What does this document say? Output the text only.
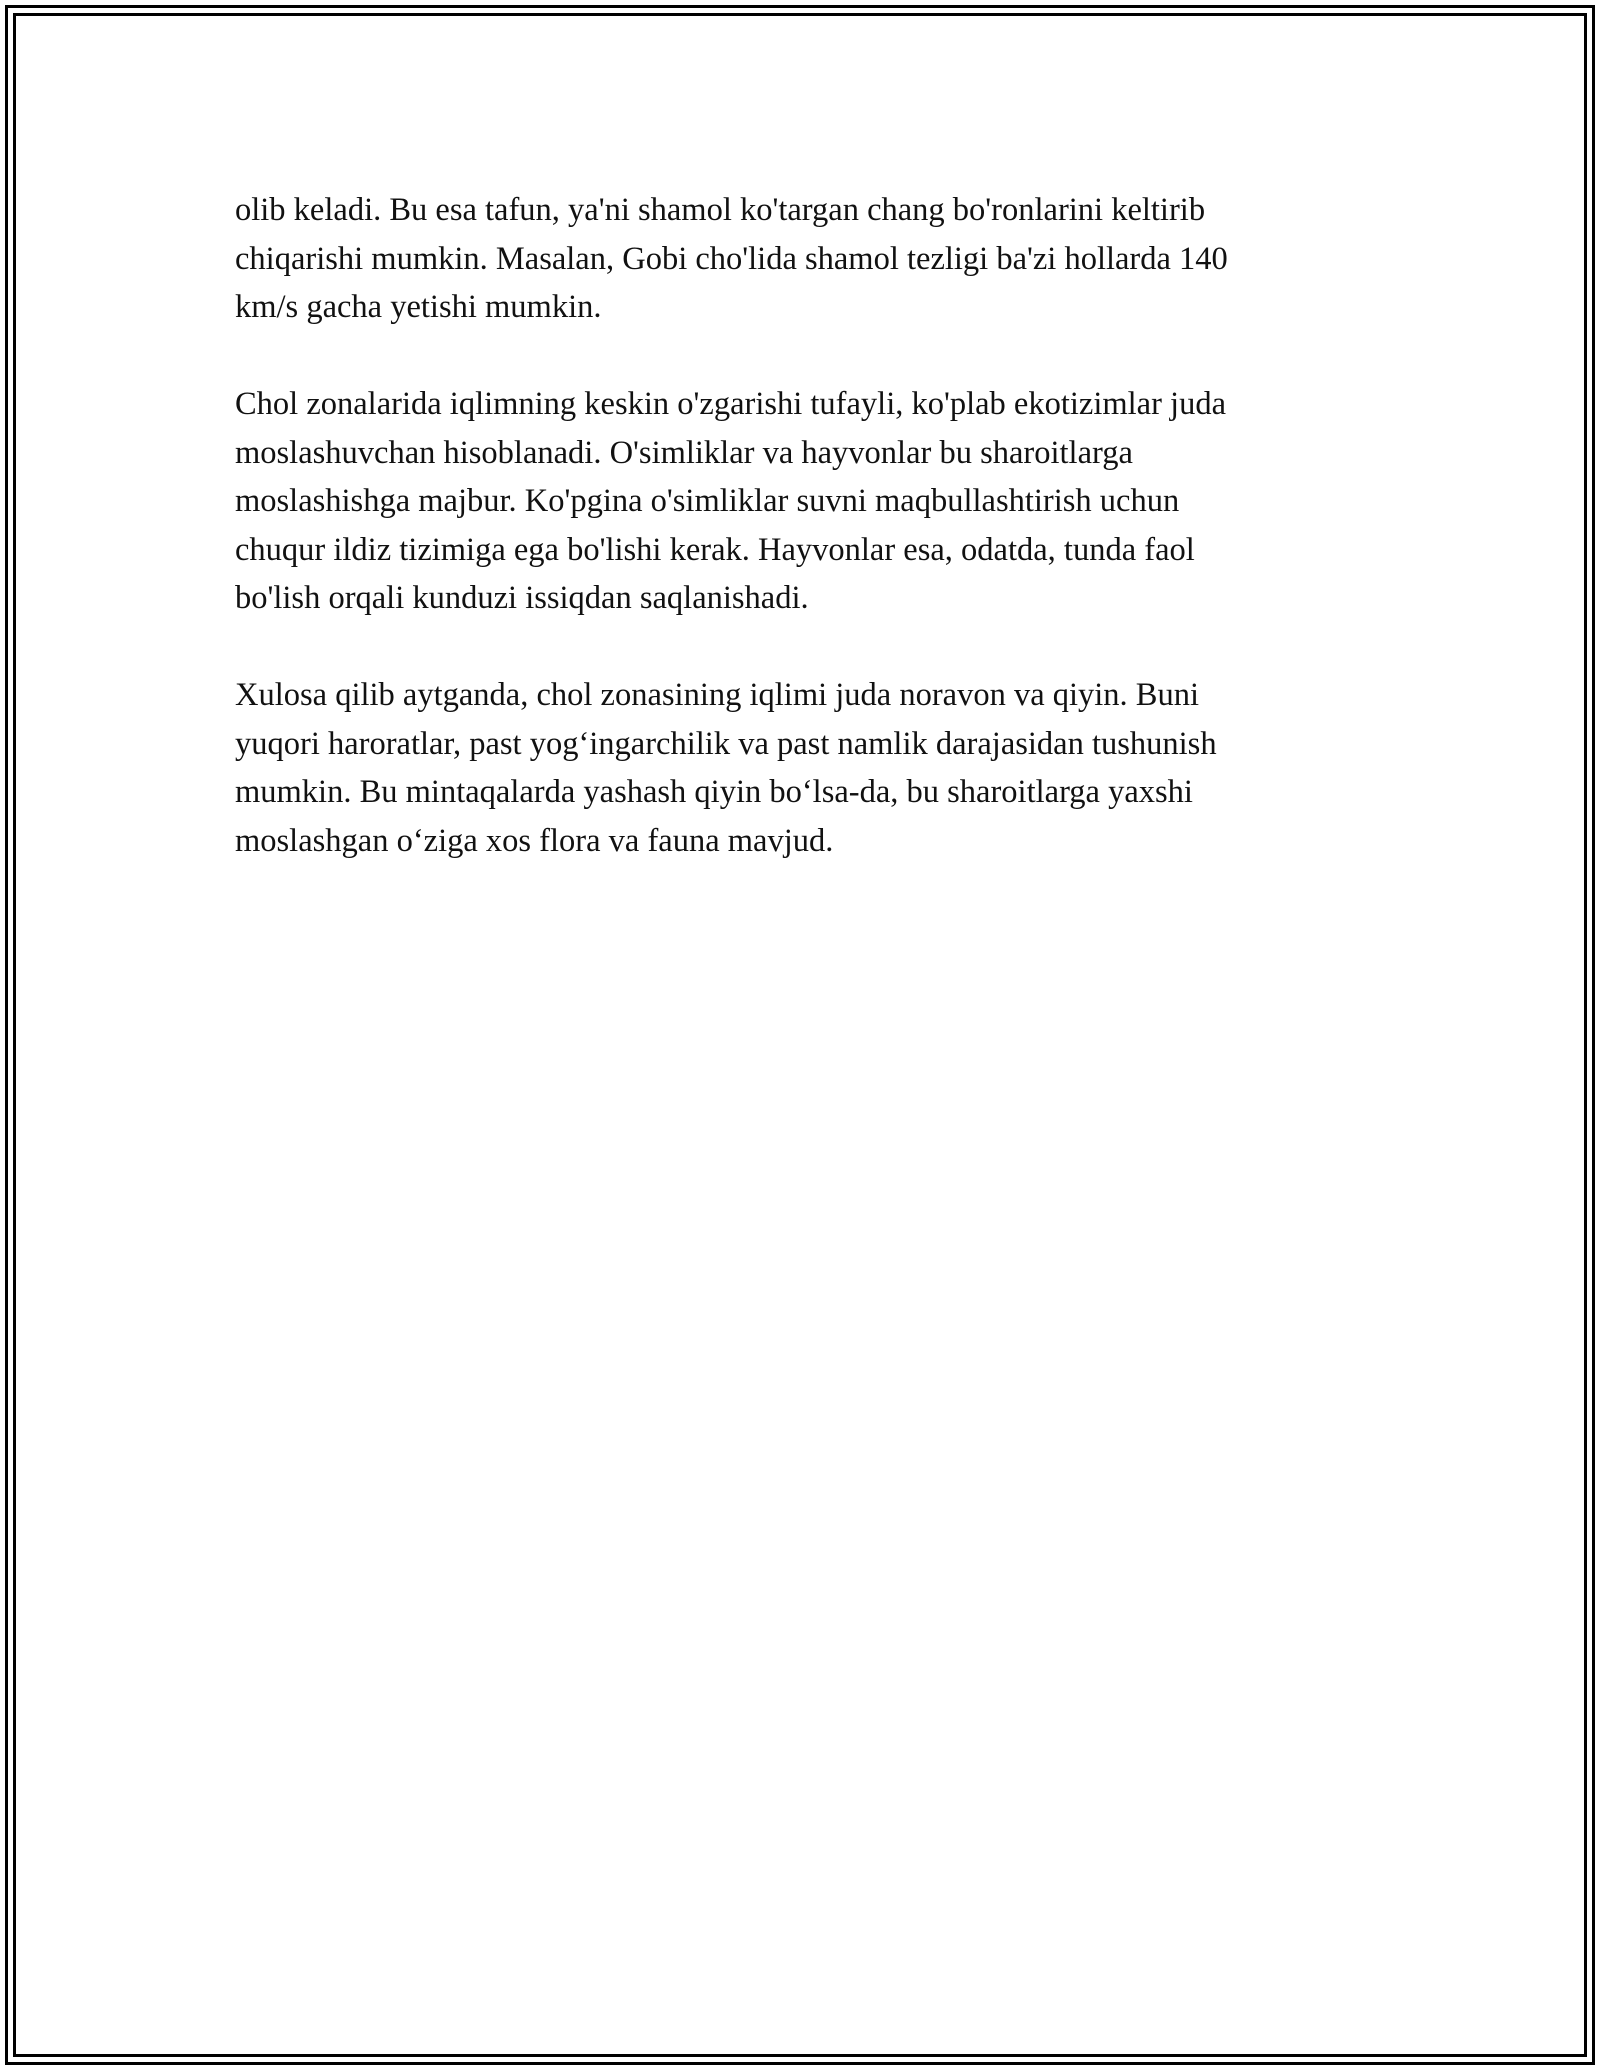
olib keladi. Bu esa tafun, ya'ni shamol ko'targan chang bo'ronlarini keltirib
chiqarishi mumkin. Masalan, Gobi cho'lida shamol tezligi ba'zi hollarda 140
km/s gacha yetishi mumkin.

Chol zonalarida iqlimning keskin o'zgarishi tufayli, ko'plab ekotizimlar juda
moslashuvchan hisoblanadi. O'simliklar va hayvonlar bu sharoitlarga
moslashishga majbur. Ko'pgina o'simliklar suvni maqbullashtirish uchun
chuqur ildiz tizimiga ega bo'lishi kerak. Hayvonlar esa, odatda, tunda faol
bo'lish orqali kunduzi issiqdan saqlanishadi.

Xulosa qilib aytganda, chol zonasining iqlimi juda noravon va qiyin. Buni
yuqori haroratlar, past yog‘ingarchilik va past namlik darajasidan tushunish
mumkin. Bu mintaqalarda yashash qiyin bo‘lsa-da, bu sharoitlarga yaxshi
moslashgan o‘ziga xos flora va fauna mavjud.
